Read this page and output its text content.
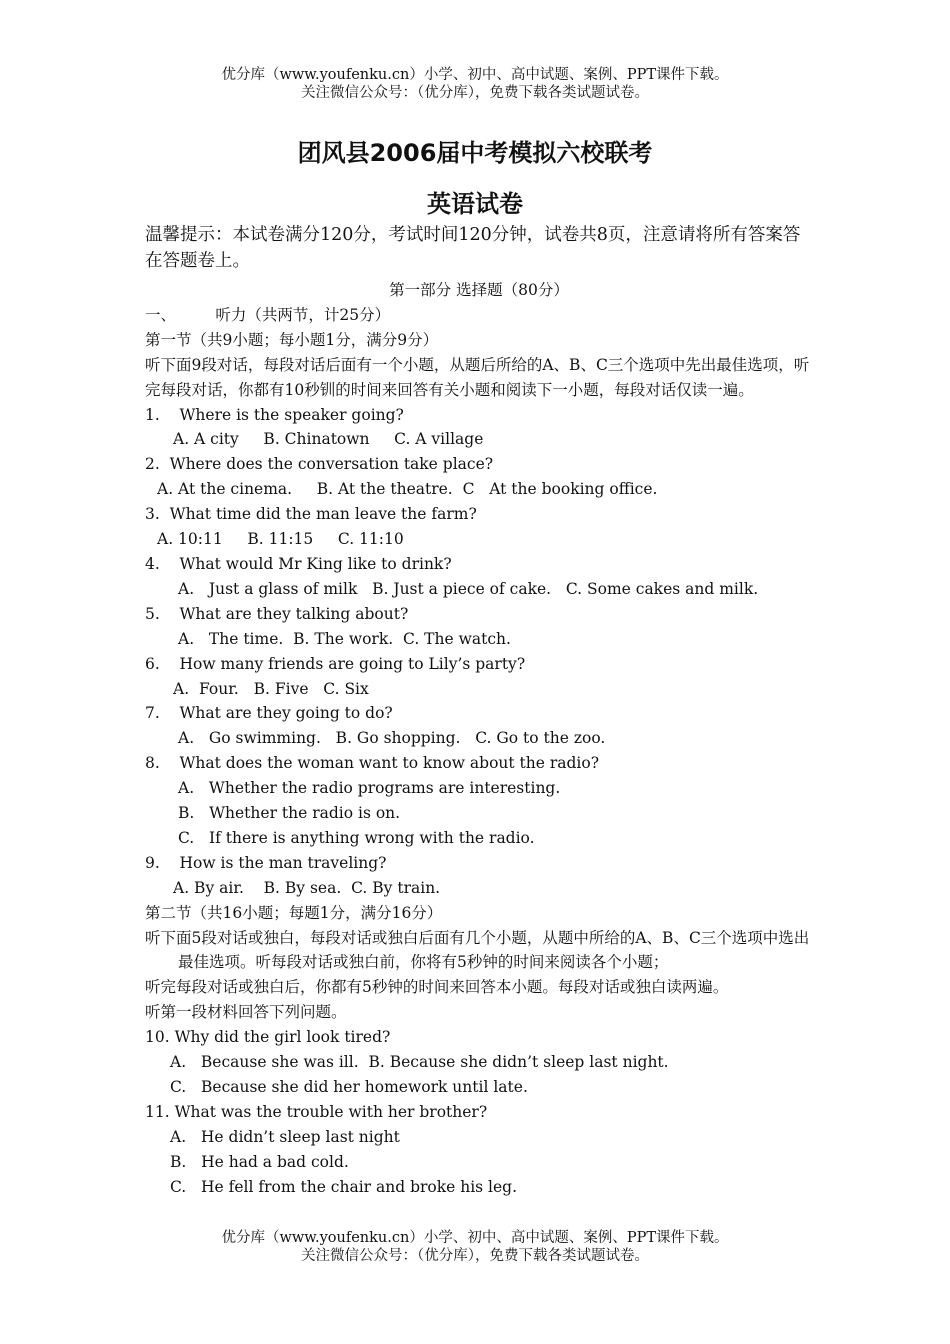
优分库（www.youfenku.cn）小学、初中、高中试题、案例、PPT课件下载。
关注微信公众号：（优分库），免费下载各类试题试卷。
团风县2006届中考模拟六校联考
英语试卷
温馨提示：本试卷满分120分，考试时间120分钟，试卷共8页，注意请将所有答案答在答题卷上。
第一部分 选择题（80分）
一、        听力（共两节，计25分）
第一节（共9小题；每小题1分，满分9分）
听下面9段对话，每段对话后面有一个小题，从题后所给的A、B、C三个选项中先出最佳选项，听完每段对话，你都有10秒钏的时间来回答有关小题和阅读下一小题，每段对话仅读一遍。
1.    Where is the speaker going?
A. A city     B. Chinatown     C. A village
2.  Where does the conversation take place?
A. At the cinema.     B. At the theatre.  C   At the booking office.
3.  What time did the man leave the farm?
A. 10:11     B. 11:15     C. 11:10
4.    What would Mr King like to drink?
A.   Just a glass of milk   B. Just a piece of cake.   C. Some cakes and milk.
5.    What are they talking about?
A.   The time.  B. The work.  C. The watch.
6.    How many friends are going to Lily’s party?
A.  Four.   B. Five   C. Six
7.    What are they going to do?
A.   Go swimming.   B. Go shopping.   C. Go to the zoo.
8.    What does the woman want to know about the radio?
A.   Whether the radio programs are interesting.
B.   Whether the radio is on.
C.   If there is anything wrong with the radio.
9.    How is the man traveling?
A. By air.    B. By sea.  C. By train.
第二节（共16小题；每题1分，满分16分）
听下面5段对话或独白，每段对话或独白后面有几个小题，从题中所给的A、B、C三个选项中选出最佳选项。听每段对话或独白前，你将有5秒钟的时间来阅读各个小题；
听完每段对话或独白后，你都有5秒钟的时间来回答本小题。每段对话或独白读两遍。
听第一段材料回答下列问题。
10. Why did the girl look tired?
A.   Because she was ill.  B. Because she didn’t sleep last night.
C.   Because she did her homework until late.
11. What was the trouble with her brother?
A.   He didn’t sleep last night
B.   He had a bad cold.
C.   He fell from the chair and broke his leg.
优分库（www.youfenku.cn）小学、初中、高中试题、案例、PPT课件下载。
关注微信公众号：（优分库），免费下载各类试题试卷。
